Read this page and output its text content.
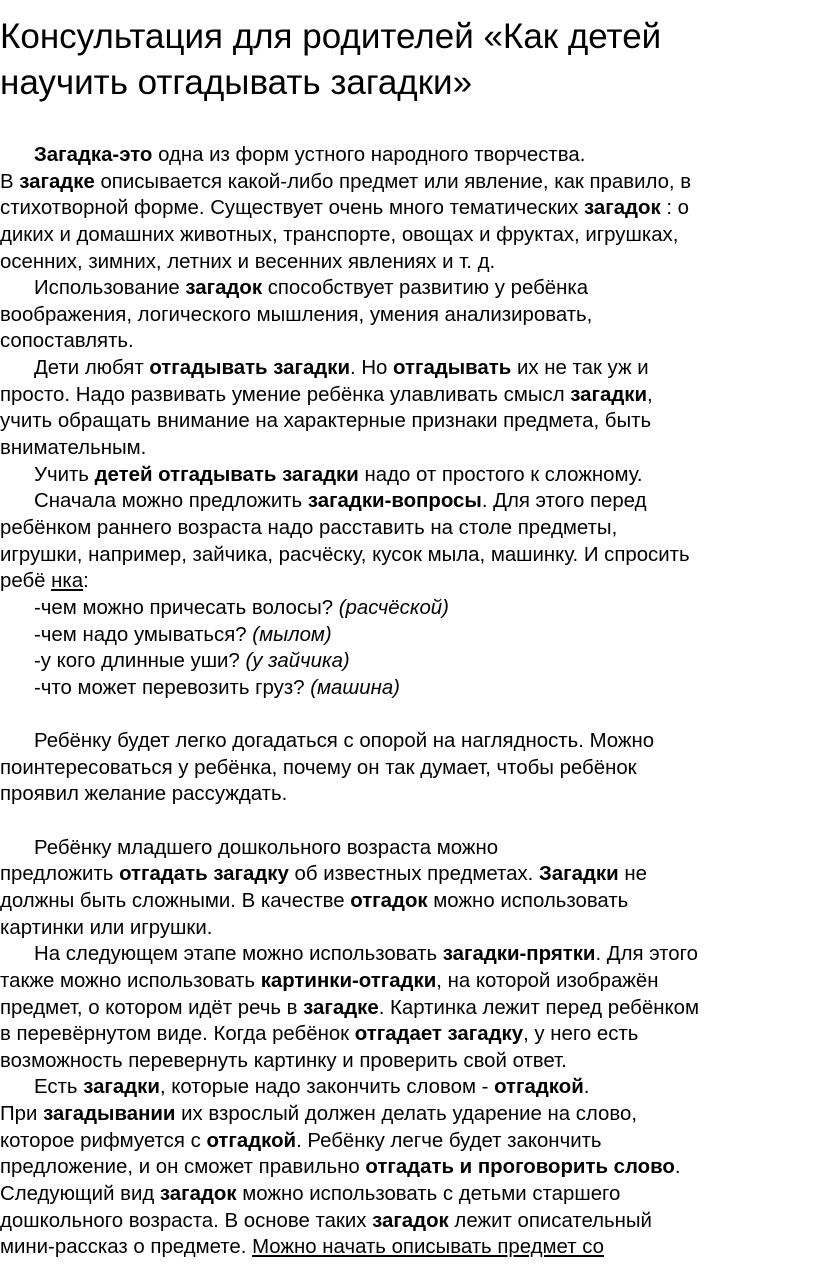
Консультация для родителей «Как детей
научить отгадывать загадки»
Загадка-это одна из форм устного народного творчества.
В загадке описывается какой-либо предмет или явление, как правило, в
стихотворной форме. Существует очень много тематических загадок : о
диких и домашних животных, транспорте, овощах и фруктах, игрушках,
осенних, зимних, летних и весенних явлениях и т. д.
Использование загадок способствует развитию у ребёнка
воображения, логического мышления, умения анализировать,
сопоставлять.
Дети любят отгадывать загадки. Но отгадывать их не так уж и
просто. Надо развивать умение ребёнка улавливать смысл загадки,
учить обращать внимание на характерные признаки предмета, быть
внимательным.
Учить детей отгадывать загадки надо от простого к сложному.
Сначала можно предложить загадки-вопросы. Для этого перед
ребёнком раннего возраста надо расставить на столе предметы,
игрушки, например, зайчика, расчёску, кусок мыла, машинку. И спросить
ребё нка:
-чем можно причесать волосы? (расчёской)
-чем надо умываться? (мылом)
-у кого длинные уши? (у зайчика)
-что может перевозить груз? (машина)
Ребёнку будет легко догадаться с опорой на наглядность. Можно
поинтересоваться у ребёнка, почему он так думает, чтобы ребёнок
проявил желание рассуждать.
Ребёнку младшего дошкольного возраста можно
предложить отгадать загадку об известных предметах. Загадки не
должны быть сложными. В качестве отгадок можно использовать
картинки или игрушки.
На следующем этапе можно использовать загадки-прятки. Для этого
также можно использовать картинки-отгадки, на которой изображён
предмет, о котором идёт речь в загадке. Картинка лежит перед ребёнком
в перевёрнутом виде. Когда ребёнок отгадает загадку, у него есть
возможность перевернуть картинку и проверить свой ответ.
Есть загадки, которые надо закончить словом - отгадкой.
При загадывании их взрослый должен делать ударение на слово,
которое рифмуется с отгадкой. Ребёнку легче будет закончить
предложение, и он сможет правильно отгадать и проговорить слово.
Следующий вид загадок можно использовать с детьми старшего
дошкольного возраста. В основе таких загадок лежит описательный
мини-рассказ о предмете. Можно начать описывать предмет со
